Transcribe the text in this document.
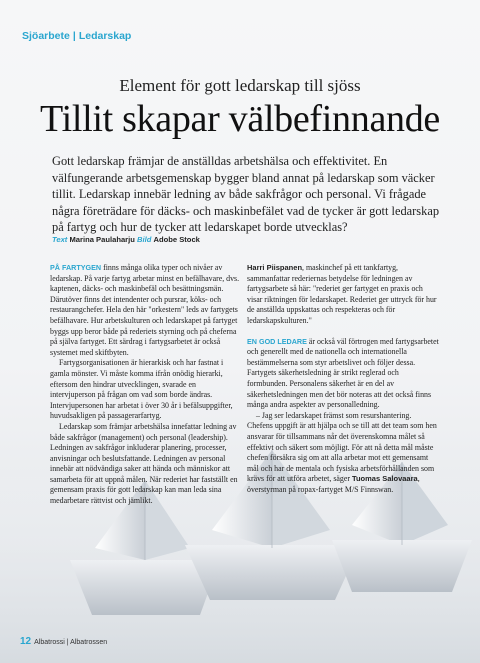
Sjöarbete | Ledarskap
Element för gott ledarskap till sjöss
Tillit skapar välbefinnande
Gott ledarskap främjar de anställdas arbetshälsa och effektivitet. En välfungerande arbetsgemenskap bygger bland annat på ledarskap som väcker tillit. Ledarskap innebär ledning av både sakfrågor och personal. Vi frågade några företrädare för däcks- och maskinbefälet vad de tycker är gott ledarskap på fartyg och hur de tycker att ledarskapet borde utvecklas?
Text Marina Paulaharju Bild Adobe Stock

PÅ FARTYGEN finns många olika typer och nivåer av ledarskap. På varje fartyg arbetar minst en befälhavare, dvs. kaptenen, däcks- och maskinbefäl och besättningsmän. Därutöver finns det intendenter och pursrar, köks- och restaurangchefer. Hela den här "orkestern" leds av fartygets befälhavare. Hur arbetskulturen och ledarskapet på fartyget byggs upp beror både på rederiets styrning och på cheferna på själva fartyget. Ett särdrag i fartygsarbetet är också systemet med skiftbyten.

Fartygsorganisationen är hierarkisk och har fastnat i gamla mönster. Vi måste komma ifrån onödig hierarki, eftersom den hindrar utvecklingen, svarade en intervjuperson på frågan om vad som borde ändras. Intervjupersonen har arbetat i över 30 år i befälsuppgifter, huvudsakligen på passagerarfartyg.

Ledarskap som främjar arbetshälsa innefattar ledning av både sakfrågor (management) och personal (leadership). Ledningen av sakfrågor inkluderar planering, processer, anvisningar och beslutsfattande. Ledningen av personal innebär att nödvändiga saker att hända och människor att samarbeta för att uppnå målen. När rederiet har fastställt en gemensam praxis för gott ledarskap kan man leda sina medarbetare rättvist och jämlikt.

Harri Piispanen, maskinchef på ett tankfartyg, sammanfattar rederiernas betydelse för ledningen av fartygsarbete så här: "rederiet ger fartyget en praxis och visar riktningen för ledarskapet. Rederiet ger uttryck för hur de anställda uppskattas och respekteras och för ledarskapskulturen."

EN GOD LEDARE är också väl förtrogen med fartygsarbetet och generellt med de nationella och internationella bestämmelserna som styr arbetslivet och följer dessa. Fartygets säkerhetsledning är strikt reglerad och formbunden. Personalens säkerhet är en del av säkerhetsledningen men det bör noteras att det också finns många andra aspekter av personalledning.

– Jag ser ledarskapet främst som resurshantering. Chefens uppgift är att hjälpa och se till att det team som hen ansvarar för tillsammans når det överenskomna målet så effektivt och säkert som möjligt. För att nå detta mål måste chefen försäkra sig om att alla arbetar mot ett gemensamt mål och har de mentala och fysiska arbetsförhållanden som krävs för att utföra arbetet, säger Tuomas Salovaara, överstyrman på ropax-fartyget M/S Finnswan.

12 Albatrossi | Albatrossen
